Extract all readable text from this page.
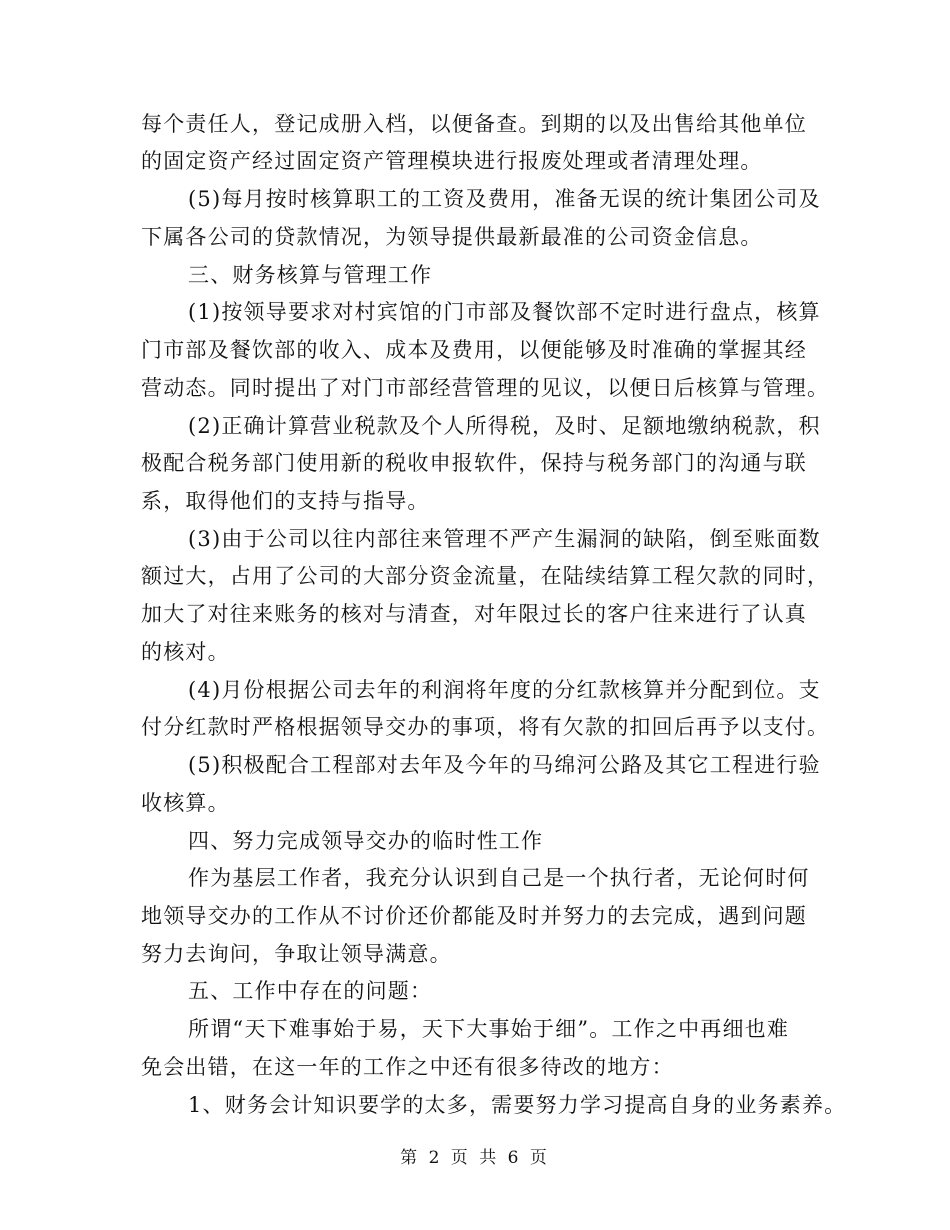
每个责任人，登记成册入档，以便备查。到期的以及出售给其他单位
的固定资产经过固定资产管理模块进行报废处理或者清理处理。
(5)每月按时核算职工的工资及费用，准备无误的统计集团公司及
下属各公司的贷款情况，为领导提供最新最准的公司资金信息。
三、财务核算与管理工作
(1)按领导要求对村宾馆的门市部及餐饮部不定时进行盘点，核算
门市部及餐饮部的收入、成本及费用，以便能够及时准确的掌握其经
营动态。同时提出了对门市部经营管理的见议，以便日后核算与管理。
(2)正确计算营业税款及个人所得税，及时、足额地缴纳税款，积
极配合税务部门使用新的税收申报软件，保持与税务部门的沟通与联
系，取得他们的支持与指导。
(3)由于公司以往内部往来管理不严产生漏洞的缺陷，倒至账面数
额过大，占用了公司的大部分资金流量，在陆续结算工程欠款的同时，
加大了对往来账务的核对与清查，对年限过长的客户往来进行了认真
的核对。
(4)月份根据公司去年的利润将年度的分红款核算并分配到位。支
付分红款时严格根据领导交办的事项，将有欠款的扣回后再予以支付。
(5)积极配合工程部对去年及今年的马绵河公路及其它工程进行验
收核算。
四、努力完成领导交办的临时性工作
作为基层工作者，我充分认识到自己是一个执行者，无论何时何
地领导交办的工作从不讨价还价都能及时并努力的去完成，遇到问题
努力去询问，争取让领导满意。
五、工作中存在的问题：
所谓“天下难事始于易，天下大事始于细”。工作之中再细也难
免会出错，在这一年的工作之中还有很多待改的地方：
1、财务会计知识要学的太多，需要努力学习提高自身的业务素养。
第 2 页 共 6 页
